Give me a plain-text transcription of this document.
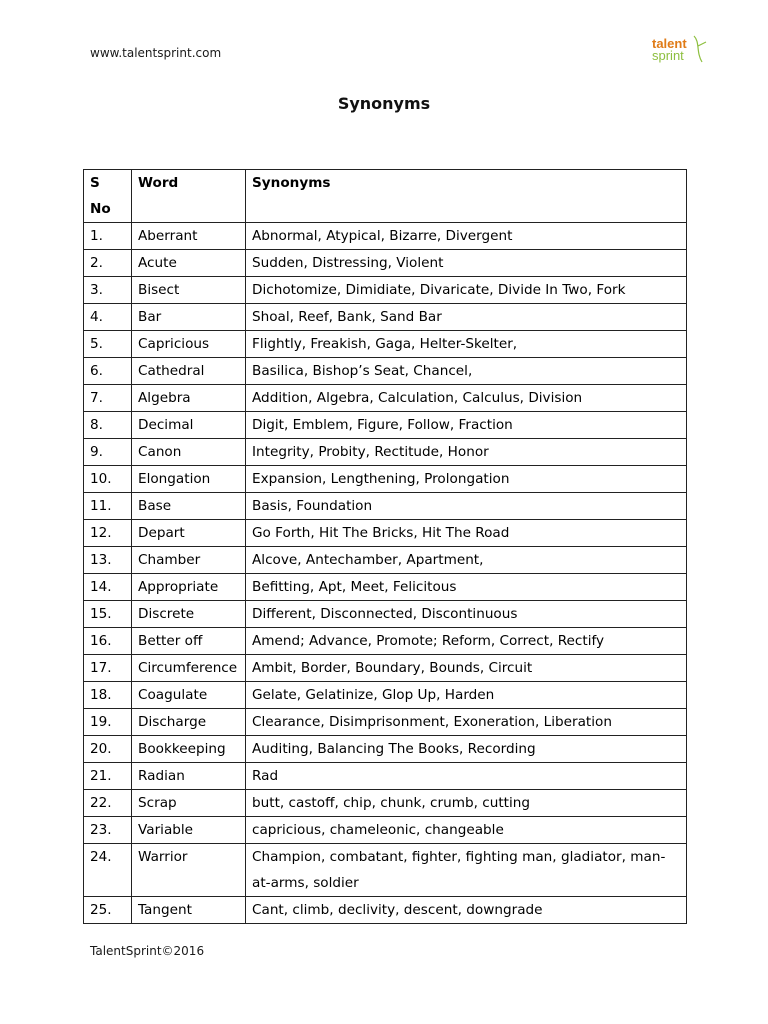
www.talentsprint.com
talent
sprint
Synonyms
S
No	Word	Synonyms
1.	Aberrant	Abnormal, Atypical, Bizarre, Divergent
2.	Acute	Sudden, Distressing, Violent
3.	Bisect	Dichotomize, Dimidiate, Divaricate, Divide In Two, Fork
4.	Bar	Shoal, Reef, Bank, Sand Bar
5.	Capricious	Flightly, Freakish, Gaga, Helter-Skelter,
6.	Cathedral	Basilica, Bishop’s Seat, Chancel,
7.	Algebra	Addition, Algebra, Calculation, Calculus, Division
8.	Decimal	Digit, Emblem, Figure, Follow, Fraction
9.	Canon	Integrity, Probity, Rectitude, Honor
10.	Elongation	Expansion, Lengthening, Prolongation
11.	Base	Basis, Foundation
12.	Depart	Go Forth, Hit The Bricks, Hit The Road
13.	Chamber	Alcove, Antechamber, Apartment,
14.	Appropriate	Befitting, Apt, Meet, Felicitous
15.	Discrete	Different, Disconnected, Discontinuous
16.	Better off	Amend; Advance, Promote; Reform, Correct, Rectify
17.	Circumference	Ambit, Border, Boundary, Bounds, Circuit
18.	Coagulate	Gelate, Gelatinize, Glop Up, Harden
19.	Discharge	Clearance, Disimprisonment, Exoneration, Liberation
20.	Bookkeeping	Auditing, Balancing The Books, Recording
21.	Radian	Rad
22.	Scrap	butt, castoff, chip, chunk, crumb, cutting
23.	Variable	capricious, chameleonic, changeable
24.	Warrior	Champion, combatant, fighter, fighting man, gladiator, man-at-arms, soldier
25.	Tangent	Cant, climb, declivity, descent, downgrade
TalentSprint©2016
